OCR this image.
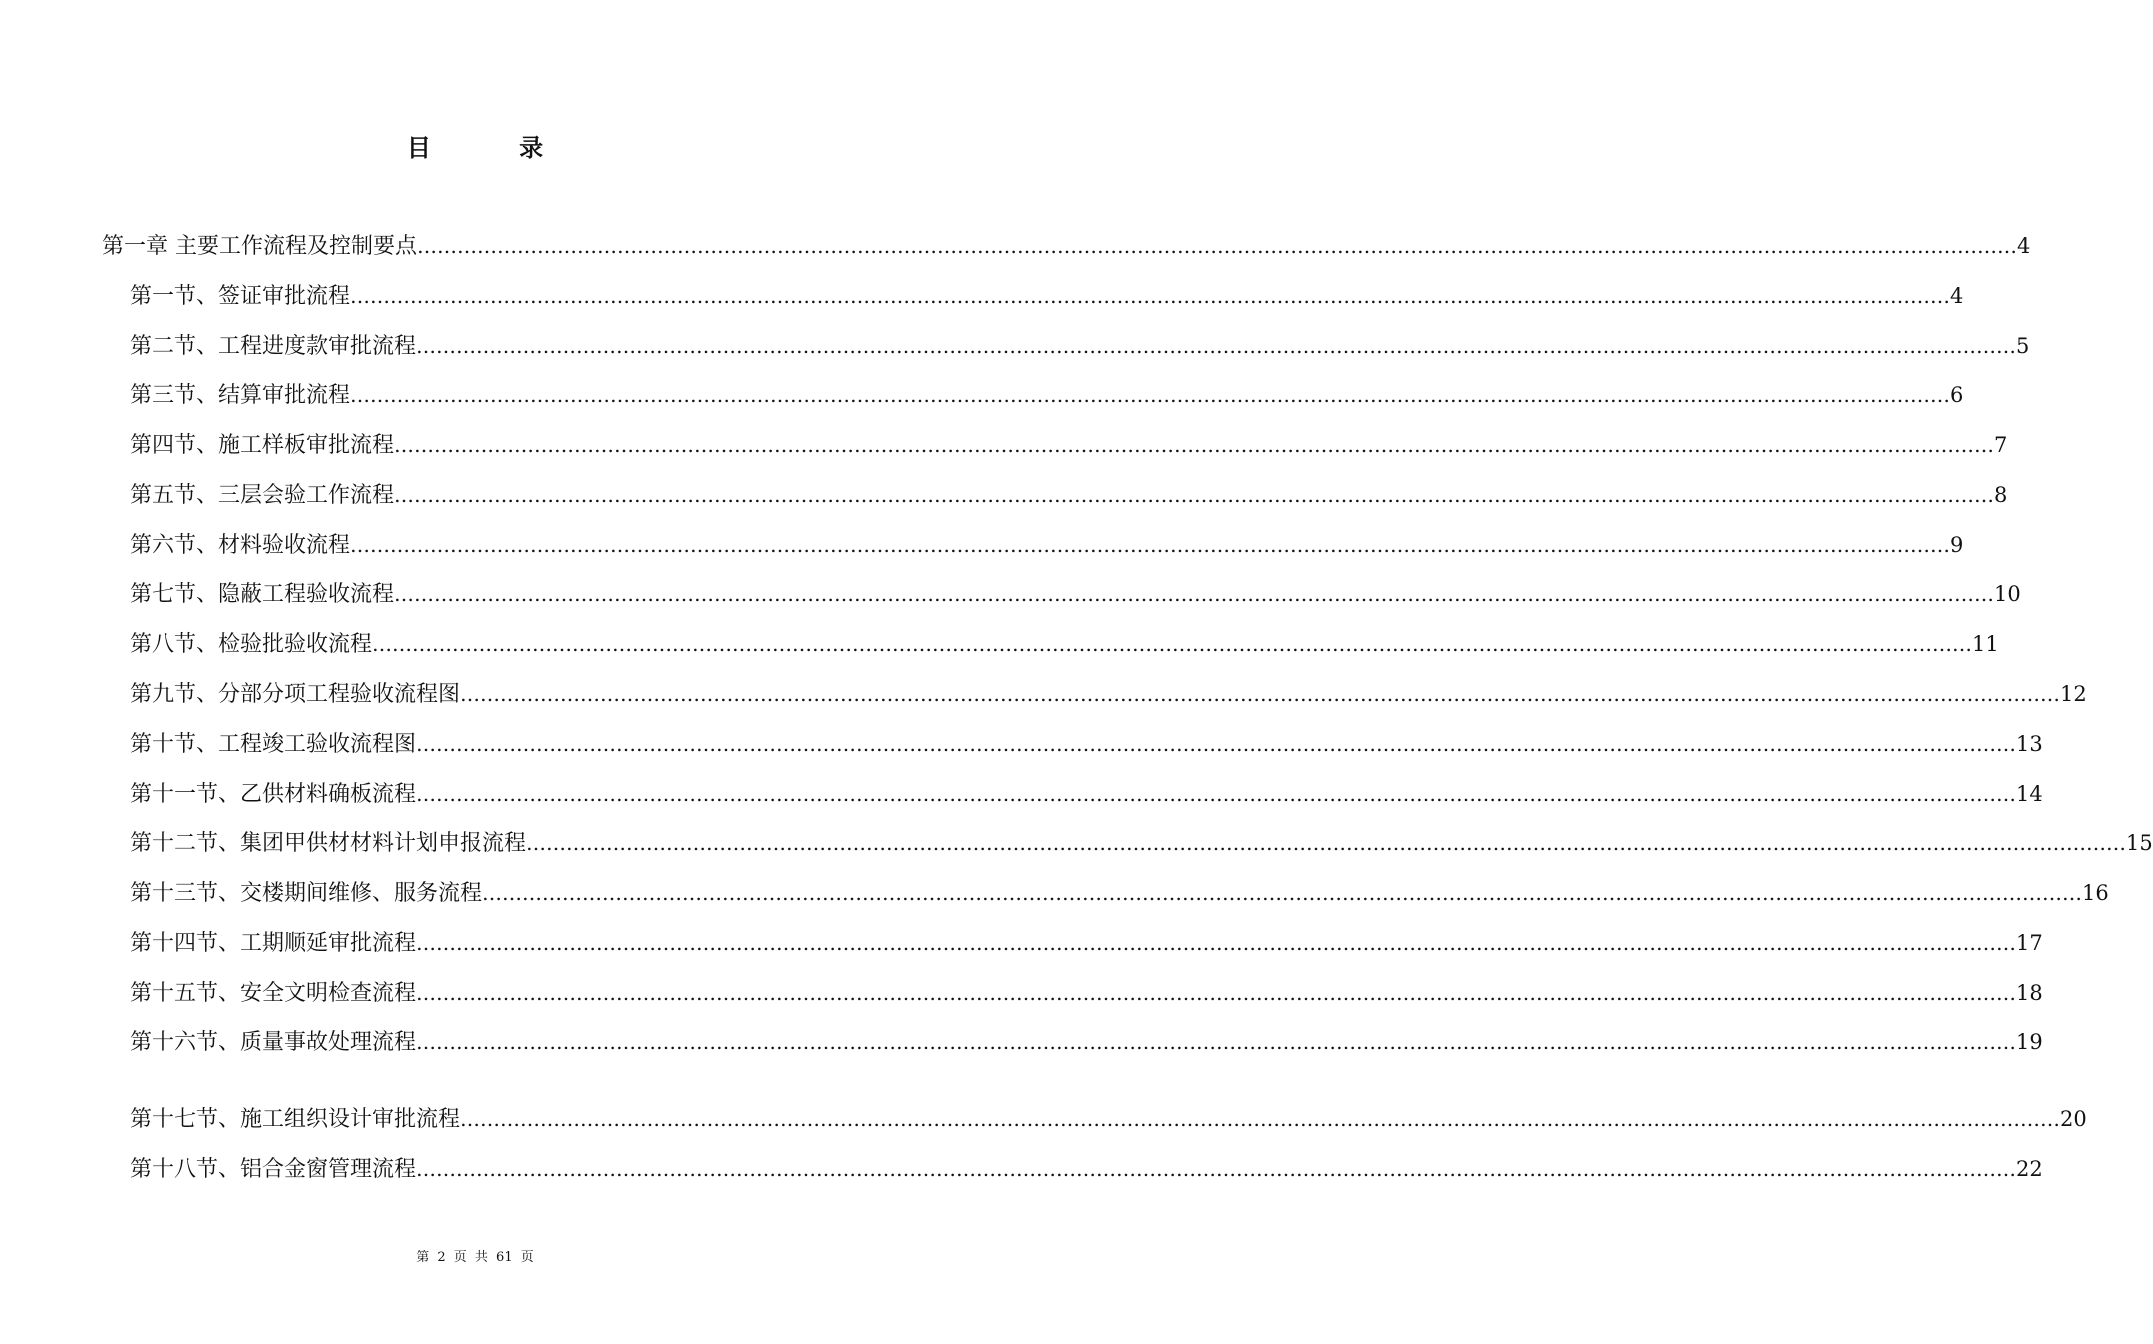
目 录
第一章 主要工作流程及控制要点 …………………………………………………………………………………………………………………………………………………………………………………………………………………… 4
第一节、签证审批流程 …………………………………………………………………………………………………………………………………………………………………………………………………………………… 4
第二节、工程进度款审批流程 …………………………………………………………………………………………………………………………………………………………………………………………………………………… 5
第三节、结算审批流程 …………………………………………………………………………………………………………………………………………………………………………………………………………………… 6
第四节、施工样板审批流程 …………………………………………………………………………………………………………………………………………………………………………………………………………………… 7
第五节、三层会验工作流程 …………………………………………………………………………………………………………………………………………………………………………………………………………………… 8
第六节、材料验收流程 …………………………………………………………………………………………………………………………………………………………………………………………………………………… 9
第七节、隐蔽工程验收流程 …………………………………………………………………………………………………………………………………………………………………………………………………………………… 10
第八节、检验批验收流程 …………………………………………………………………………………………………………………………………………………………………………………………………………………… 11
第九节、分部分项工程验收流程图 …………………………………………………………………………………………………………………………………………………………………………………………………………………… 12
第十节、工程竣工验收流程图 …………………………………………………………………………………………………………………………………………………………………………………………………………………… 13
第十一节、乙供材料确板流程 …………………………………………………………………………………………………………………………………………………………………………………………………………………… 14
第十二节、集团甲供材材料计划申报流程 …………………………………………………………………………………………………………………………………………………………………………………………………………………… 15
第十三节、交楼期间维修、服务流程 …………………………………………………………………………………………………………………………………………………………………………………………………………………… 16
第十四节、工期顺延审批流程 …………………………………………………………………………………………………………………………………………………………………………………………………………………… 17
第十五节、安全文明检查流程 …………………………………………………………………………………………………………………………………………………………………………………………………………………… 18
第十六节、质量事故处理流程 …………………………………………………………………………………………………………………………………………………………………………………………………………………… 19
第十七节、施工组织设计审批流程 …………………………………………………………………………………………………………………………………………………………………………………………………………………… 20
第十八节、铝合金窗管理流程 …………………………………………………………………………………………………………………………………………………………………………………………………………………… 22
第 2 页 共 61 页
